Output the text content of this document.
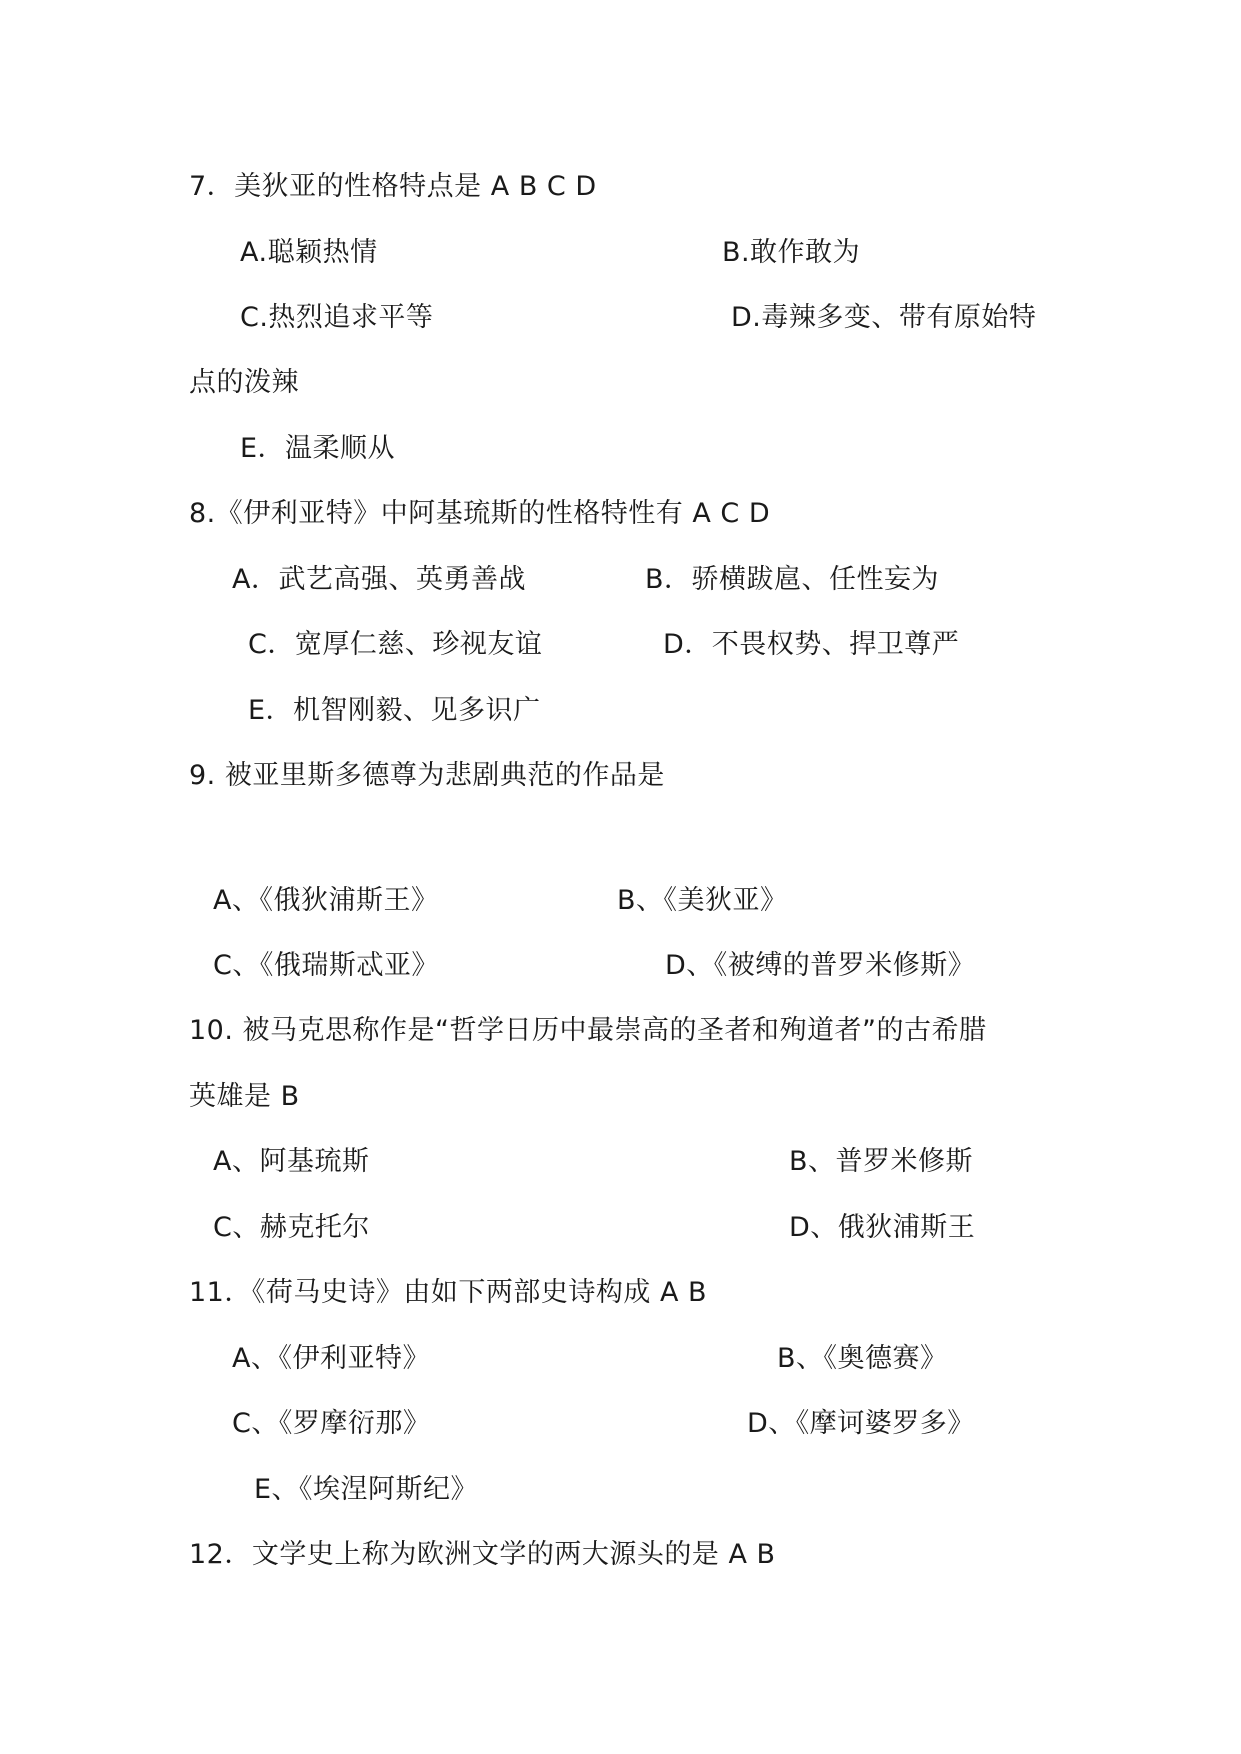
7．美狄亚的性格特点是 A B C D
A.聪颖热情	B.敢作敢为
C.热烈追求平等	D.毒辣多变、带有原始特
点的泼辣
E．温柔顺从
8.《伊利亚特》中阿基琉斯的性格特性有 A C D
A．武艺高强、英勇善战	B．骄横跋扈、任性妄为
C．宽厚仁慈、珍视友谊	D．不畏权势、捍卫尊严
E．机智刚毅、见多识广
9. 被亚里斯多德尊为悲剧典范的作品是
A、《俄狄浦斯王》	B、《美狄亚》
C、《俄瑞斯忒亚》	D、《被缚的普罗米修斯》
10. 被马克思称作是“哲学日历中最崇高的圣者和殉道者”的古希腊
英雄是 B
A、阿基琉斯	B、普罗米修斯
C、赫克托尔	D、俄狄浦斯王
11．《荷马史诗》由如下两部史诗构成 A B
A、《伊利亚特》	B、《奥德赛》
C、《罗摩衍那》	D、《摩诃婆罗多》
E、《埃涅阿斯纪》
12．文学史上称为欧洲文学的两大源头的是 A B
